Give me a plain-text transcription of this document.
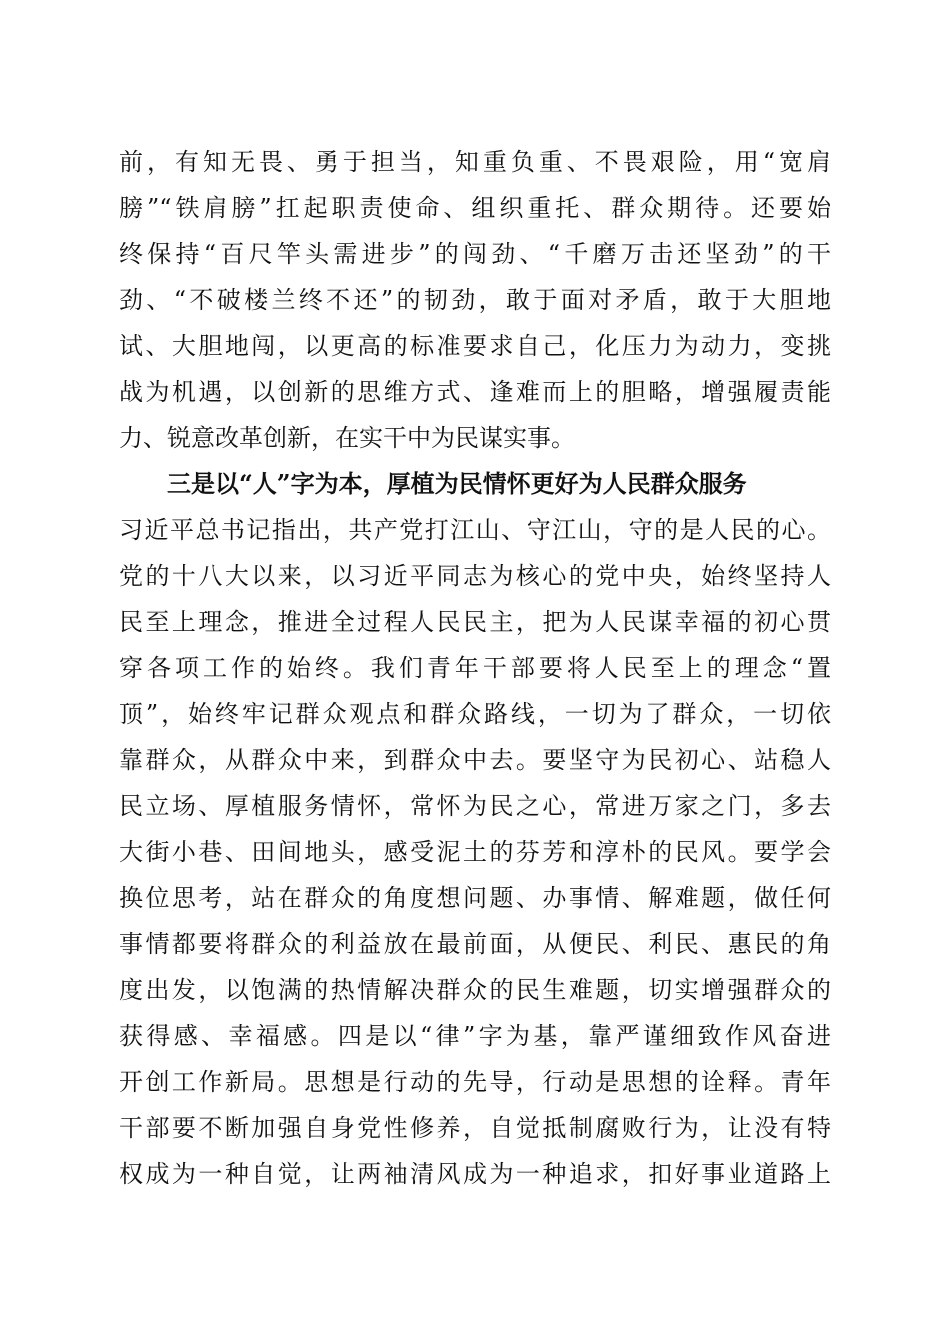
前，有知无畏、勇于担当，知重负重、不畏艰险，用“宽肩
膀”“铁肩膀”扛起职责使命、组织重托、群众期待。还要始
终保持“百尺竿头需进步”的闯劲、“千磨万击还坚劲”的干
劲、“不破楼兰终不还”的韧劲，敢于面对矛盾，敢于大胆地
试、大胆地闯，以更高的标准要求自己，化压力为动力，变挑
战为机遇，以创新的思维方式、逢难而上的胆略，增强履责能
力、锐意改革创新，在实干中为民谋实事。
三是以“人”字为本，厚植为民情怀更好为人民群众服务
习近平总书记指出，共产党打江山、守江山，守的是人民的心。
党的十八大以来，以习近平同志为核心的党中央，始终坚持人
民至上理念，推进全过程人民民主，把为人民谋幸福的初心贯
穿各项工作的始终。我们青年干部要将人民至上的理念“置
顶”，始终牢记群众观点和群众路线，一切为了群众，一切依
靠群众，从群众中来，到群众中去。要坚守为民初心、站稳人
民立场、厚植服务情怀，常怀为民之心，常进万家之门，多去
大街小巷、田间地头，感受泥土的芬芳和淳朴的民风。要学会
换位思考，站在群众的角度想问题、办事情、解难题，做任何
事情都要将群众的利益放在最前面，从便民、利民、惠民的角
度出发，以饱满的热情解决群众的民生难题，切实增强群众的
获得感、幸福感。四是以“律”字为基，靠严谨细致作风奋进
开创工作新局。思想是行动的先导，行动是思想的诠释。青年
干部要不断加强自身党性修养，自觉抵制腐败行为，让没有特
权成为一种自觉，让两袖清风成为一种追求，扣好事业道路上
